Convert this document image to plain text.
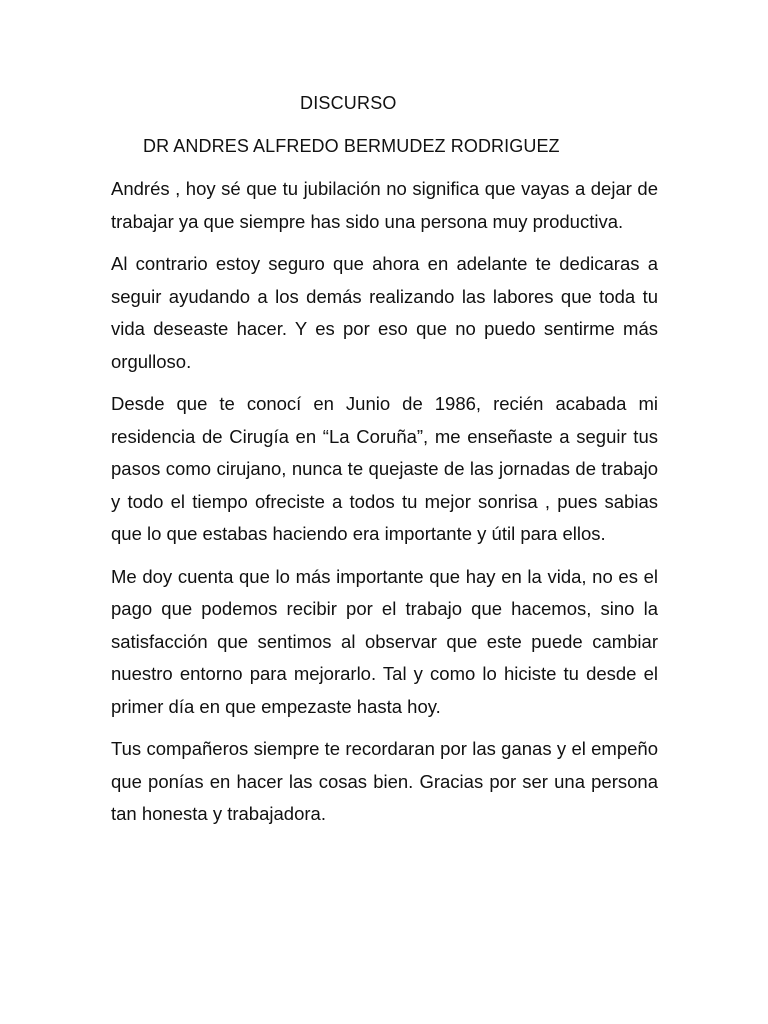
DISCURSO
DR ANDRES ALFREDO BERMUDEZ RODRIGUEZ

Andrés , hoy sé que tu jubilación no significa que vayas a dejar de trabajar ya que siempre has sido una persona muy productiva.

Al contrario estoy seguro que ahora en adelante te dedicaras a seguir ayudando a los demás realizando las labores que toda tu vida deseaste hacer. Y es por eso que no puedo sentirme más orgulloso.

Desde que te conocí en Junio de 1986, recién acabada mi residencia de Cirugía en “La Coruña”, me enseñaste a seguir tus pasos como cirujano, nunca te quejaste de las jornadas de trabajo y todo el tiempo ofreciste a todos tu mejor sonrisa , pues sabias que lo que estabas haciendo era importante y útil para ellos.

Me doy cuenta que lo más importante que hay en la vida, no es el pago que podemos recibir por el trabajo que hacemos, sino la satisfacción que sentimos al observar que este puede cambiar nuestro entorno para mejorarlo. Tal y como lo hiciste tu desde el primer día en que empezaste hasta hoy.

Tus compañeros siempre te recordaran por las ganas y el empeño que ponías en hacer las cosas bien. Gracias por ser una persona tan honesta y trabajadora.
